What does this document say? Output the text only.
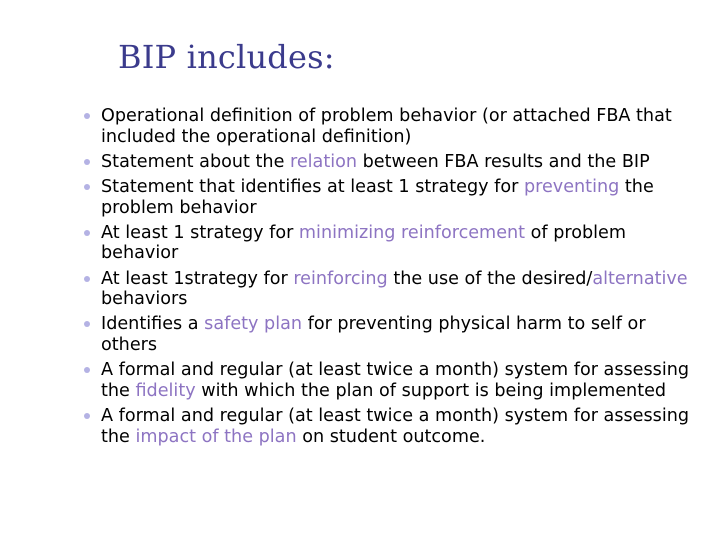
BIP includes:
Operational definition of problem behavior (or attached FBA that included the operational definition)
Statement about the relation between FBA results and the BIP
Statement that identifies at least 1 strategy for preventing the problem behavior
At least 1 strategy for minimizing reinforcement of problem behavior
At least 1strategy for reinforcing the use of the desired/alternative behaviors
Identifies a safety plan for preventing physical harm to self or others
A formal and regular (at least twice a month) system for assessing the fidelity with which the plan of support is being implemented
A formal and regular (at least twice a month) system for assessing the impact of the plan on student outcome.
